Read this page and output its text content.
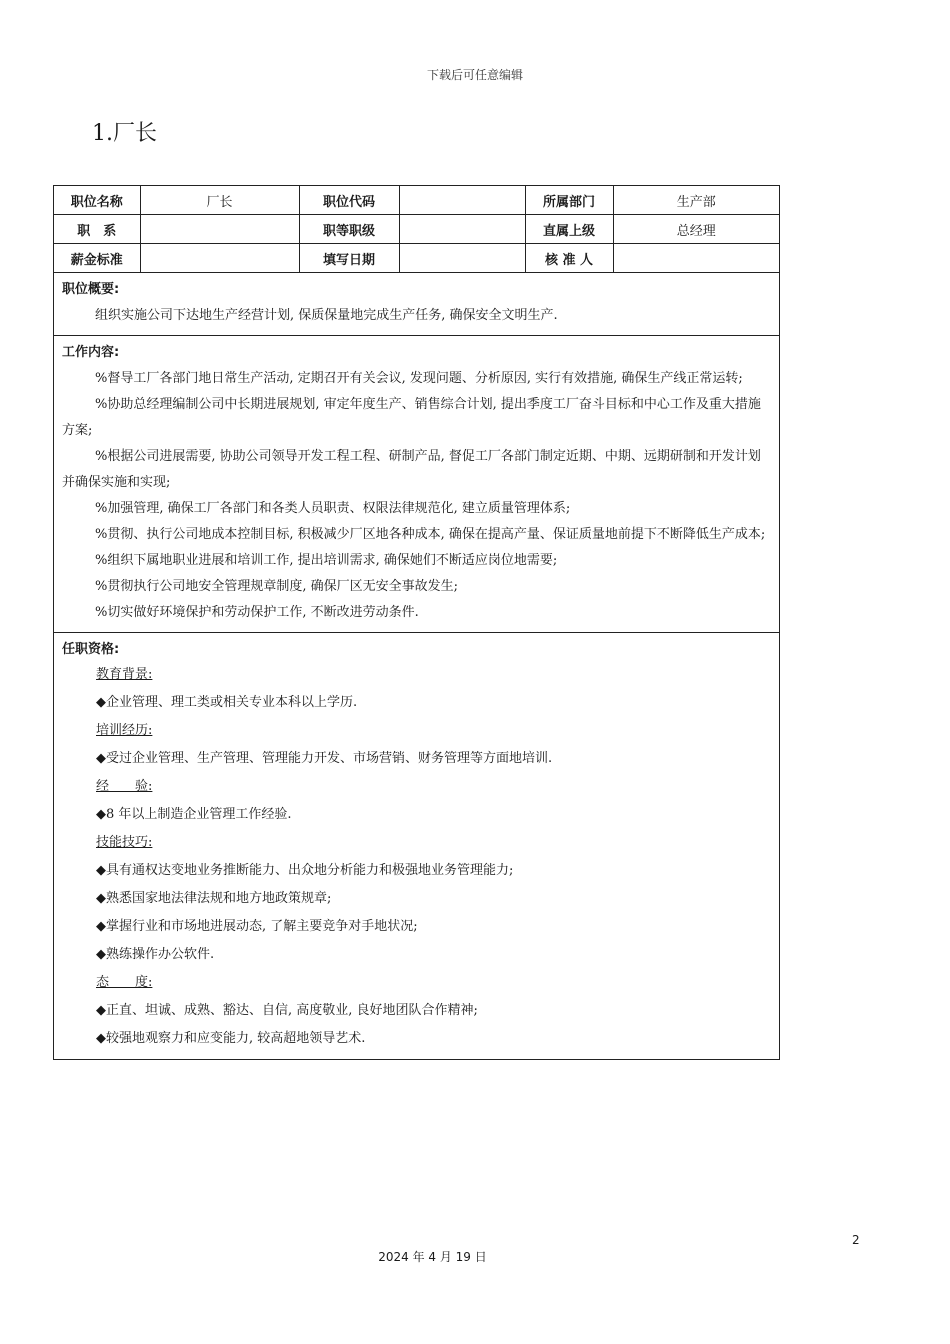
下载后可任意编辑
1.厂长
职位名称	厂长	职位代码		所属部门	生产部
职　系		职等职级		直属上级	总经理
薪金标准		填写日期		核 准 人	
职位概要:

组织实施公司下达地生产经营计划, 保质保量地完成生产任务, 确保安全文明生产.

工作内容:

%督导工厂各部门地日常生产活动, 定期召开有关会议, 发现问题、分析原因, 实行有效措施, 确保生产线正常运转;

%协助总经理编制公司中长期进展规划, 审定年度生产、销售综合计划, 提出季度工厂奋斗目标和中心工作及重大措施方案;

%根据公司进展需要, 协助公司领导开发工程工程、研制产品, 督促工厂各部门制定近期、中期、远期研制和开发计划并确保实施和实现;

%加强管理, 确保工厂各部门和各类人员职责、权限法律规范化, 建立质量管理体系;

%贯彻、执行公司地成本控制目标, 积极减少厂区地各种成本, 确保在提高产量、保证质量地前提下不断降低生产成本;

%组织下属地职业进展和培训工作, 提出培训需求, 确保她们不断适应岗位地需要;

%贯彻执行公司地安全管理规章制度, 确保厂区无安全事故发生;

%切实做好环境保护和劳动保护工作, 不断改进劳动条件.

任职资格:
教育背景:
◆企业管理、理工类或相关专业本科以上学历.
培训经历:
◆受过企业管理、生产管理、管理能力开发、市场营销、财务管理等方面地培训.
经　　验:
◆8 年以上制造企业管理工作经验.
技能技巧:
◆具有通权达变地业务推断能力、出众地分析能力和极强地业务管理能力;
◆熟悉国家地法律法规和地方地政策规章;
◆掌握行业和市场地进展动态, 了解主要竞争对手地状况;
◆熟练操作办公软件.
态　　度:
◆正直、坦诚、成熟、豁达、自信, 高度敬业, 良好地团队合作精神;
◆较强地观察力和应变能力, 较高超地领导艺术.
2
2024 年 4 月 19 日
